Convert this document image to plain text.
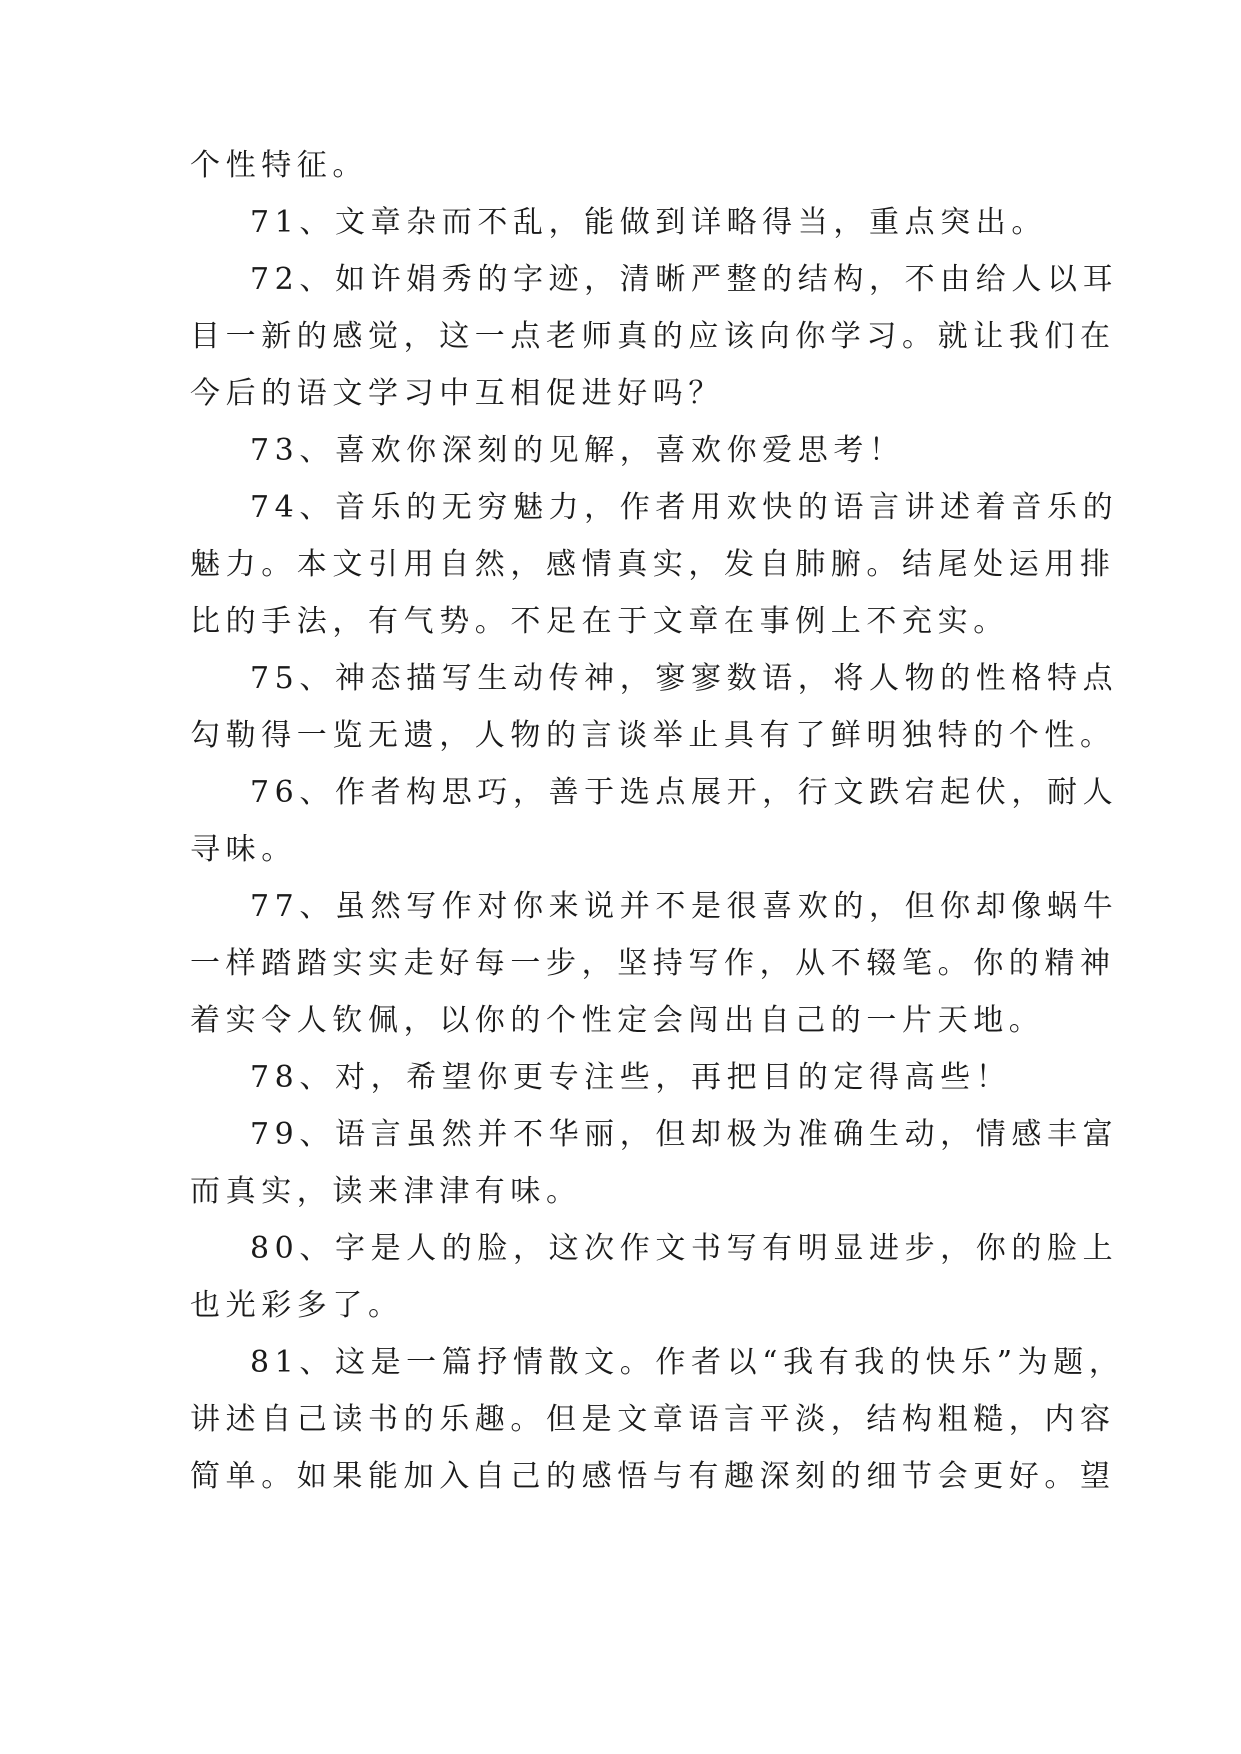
个性特征。

71、文章杂而不乱，能做到详略得当，重点突出。

72、如许娟秀的字迹，清晰严整的结构，不由给人以耳

目一新的感觉，这一点老师真的应该向你学习。就让我们在

今后的语文学习中互相促进好吗？

73、喜欢你深刻的见解，喜欢你爱思考！

74、音乐的无穷魅力，作者用欢快的语言讲述着音乐的

魅力。本文引用自然，感情真实，发自肺腑。结尾处运用排

比的手法，有气势。不足在于文章在事例上不充实。

75、神态描写生动传神，寥寥数语，将人物的性格特点

勾勒得一览无遗，人物的言谈举止具有了鲜明独特的个性。

76、作者构思巧，善于选点展开，行文跌宕起伏，耐人

寻味。

77、虽然写作对你来说并不是很喜欢的，但你却像蜗牛

一样踏踏实实走好每一步，坚持写作，从不辍笔。你的精神

着实令人钦佩，以你的个性定会闯出自己的一片天地。

78、对，希望你更专注些，再把目的定得高些！

79、语言虽然并不华丽，但却极为准确生动，情感丰富

而真实，读来津津有味。

80、字是人的脸，这次作文书写有明显进步，你的脸上

也光彩多了。

81、这是一篇抒情散文。作者以“我有我的快乐”为题，

讲述自己读书的乐趣。但是文章语言平淡，结构粗糙，内容

简单。如果能加入自己的感悟与有趣深刻的细节会更好。望
